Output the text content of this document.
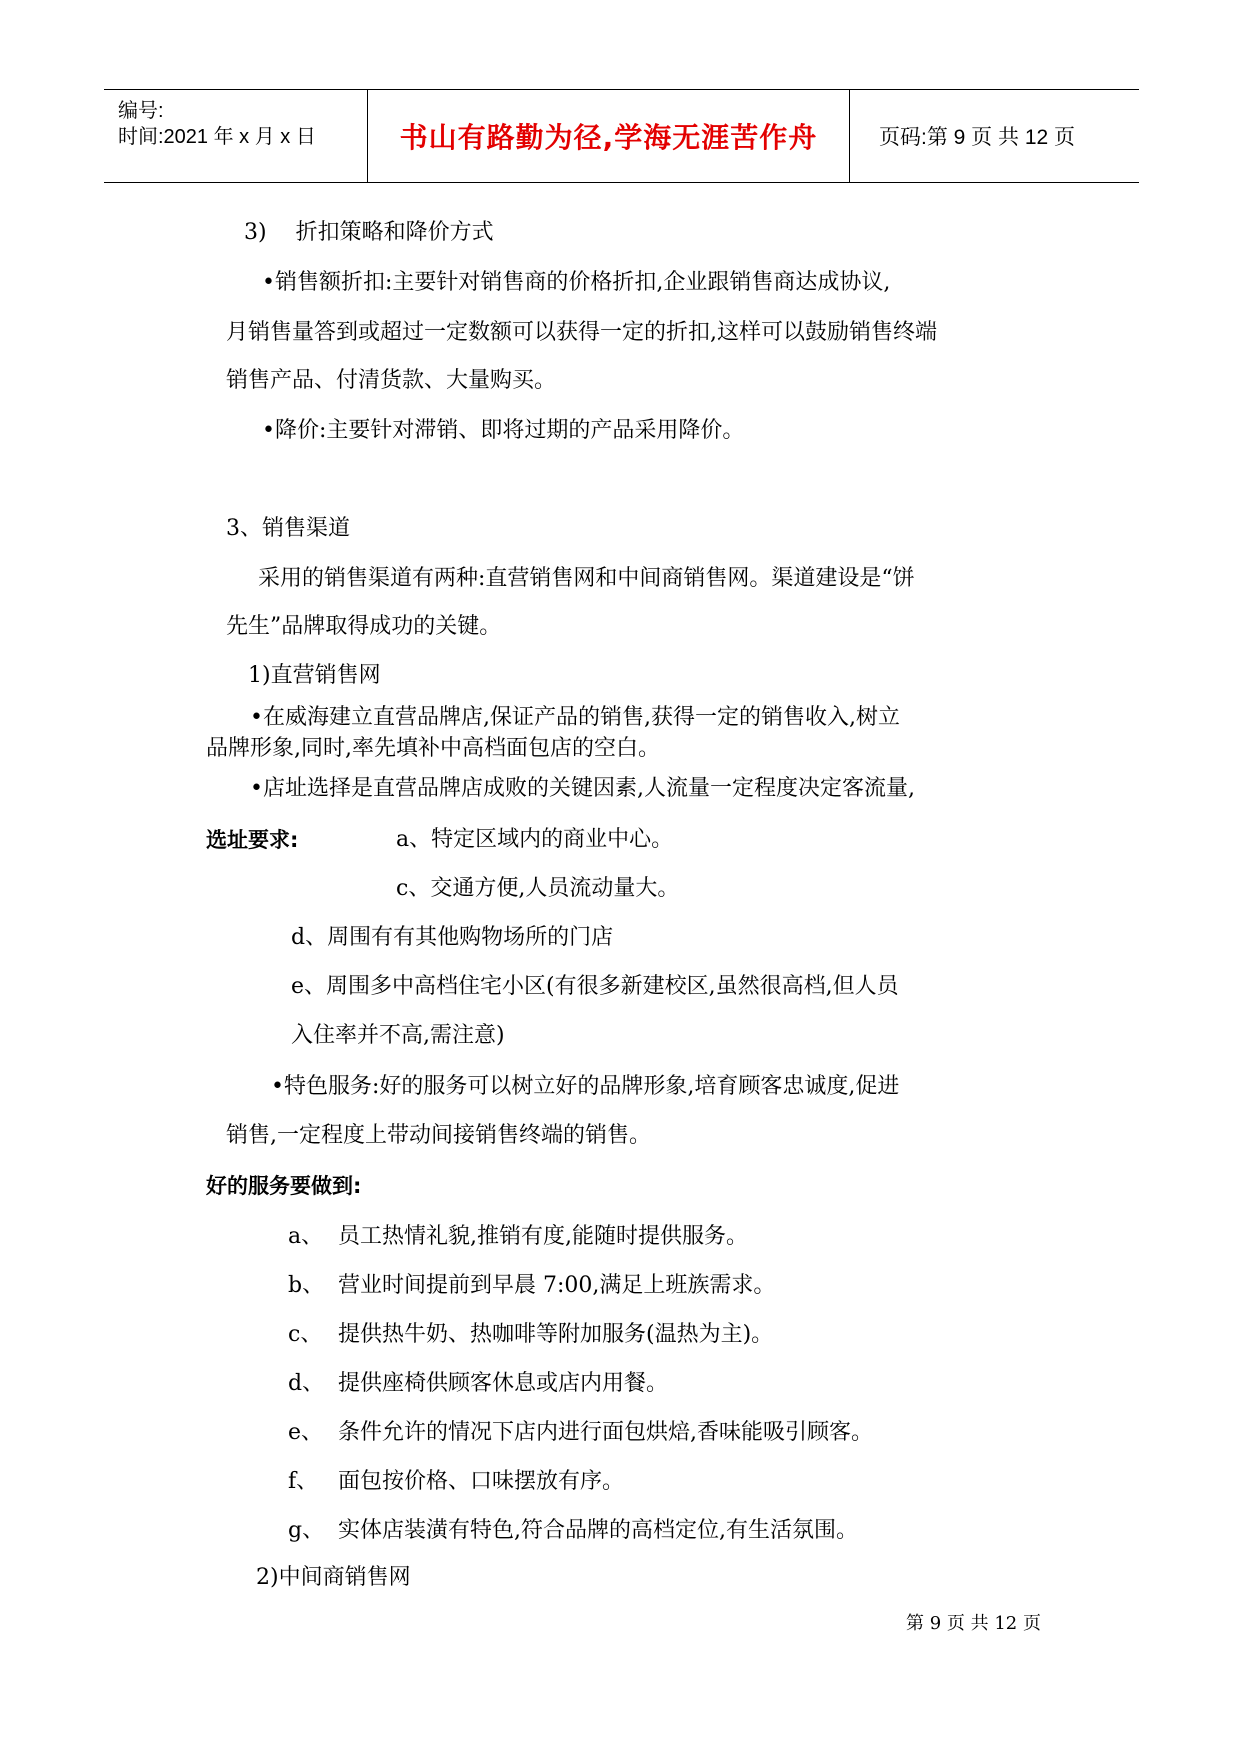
编号:
时间:2021 年 x 月 x 日	书山有路勤为径,学海无涯苦作舟	页码:第 9 页 共 12 页
3)　 折扣策略和降价方式
•销售额折扣:主要针对销售商的价格折扣,企业跟销售商达成协议,
月销售量答到或超过一定数额可以获得一定的折扣,这样可以鼓励销售终端
销售产品、付清货款、大量购买。
•降价:主要针对滞销、即将过期的产品采用降价。
3、销售渠道
采用的销售渠道有两种:直营销售网和中间商销售网。渠道建设是“饼
先生”品牌取得成功的关键。
1)直营销售网
•在威海建立直营品牌店,保证产品的销售,获得一定的销售收入,树立
品牌形象,同时,率先填补中高档面包店的空白。
•店址选择是直营品牌店成败的关键因素,人流量一定程度决定客流量,
选址要求:	a、特定区域内的商业中心。
c、交通方便,人员流动量大。
d、周围有有其他购物场所的门店
e、周围多中高档住宅小区(有很多新建校区,虽然很高档,但人员
入住率并不高,需注意)
•特色服务:好的服务可以树立好的品牌形象,培育顾客忠诚度,促进
销售,一定程度上带动间接销售终端的销售。
好的服务要做到:
a、 员工热情礼貌,推销有度,能随时提供服务。
b、 营业时间提前到早晨 7:00,满足上班族需求。
c、 提供热牛奶、热咖啡等附加服务(温热为主)。
d、 提供座椅供顾客休息或店内用餐。
e、 条件允许的情况下店内进行面包烘焙,香味能吸引顾客。
f、 面包按价格、口味摆放有序。
g、 实体店装潢有特色,符合品牌的高档定位,有生活氛围。
2)中间商销售网
第 9 页 共 12 页
